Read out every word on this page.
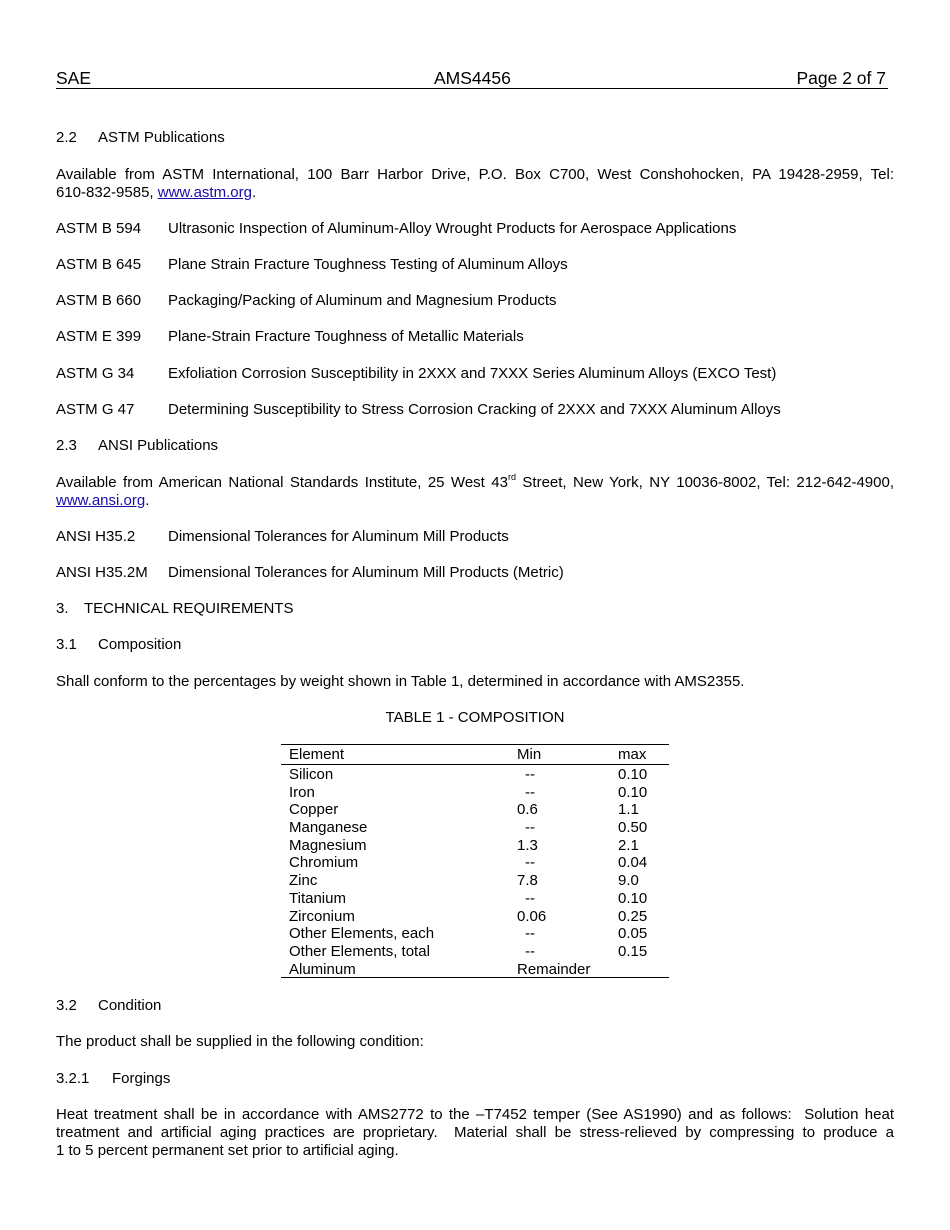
SAE	AMS4456	Page 2 of 7
2.2 ASTM Publications
Available from ASTM International, 100 Barr Harbor Drive, P.O. Box C700, West Conshohocken, PA 19428-2959, Tel:
610-832-9585, www.astm.org.
ASTM B 594 Ultrasonic Inspection of Aluminum-Alloy Wrought Products for Aerospace Applications
ASTM B 645 Plane Strain Fracture Toughness Testing of Aluminum Alloys
ASTM B 660 Packaging/Packing of Aluminum and Magnesium Products
ASTM E 399 Plane-Strain Fracture Toughness of Metallic Materials
ASTM G 34 Exfoliation Corrosion Susceptibility in 2XXX and 7XXX Series Aluminum Alloys (EXCO Test)
ASTM G 47 Determining Susceptibility to Stress Corrosion Cracking of 2XXX and 7XXX Aluminum Alloys
2.3 ANSI Publications
Available from American National Standards Institute, 25 West 43rd Street, New York, NY 10036-8002, Tel: 212-642-4900,
www.ansi.org.
ANSI H35.2 Dimensional Tolerances for Aluminum Mill Products
ANSI H35.2M Dimensional Tolerances for Aluminum Mill Products (Metric)
3. TECHNICAL REQUIREMENTS
3.1 Composition
Shall conform to the percentages by weight shown in Table 1, determined in accordance with AMS2355.
TABLE 1 - COMPOSITION
Element	Min	max
Silicon	--	0.10
Iron	--	0.10
Copper	0.6	1.1
Manganese	--	0.50
Magnesium	1.3	2.1
Chromium	--	0.04
Zinc	7.8	9.0
Titanium	--	0.10
Zirconium	0.06	0.25
Other Elements, each	--	0.05
Other Elements, total	--	0.15
Aluminum	Remainder
3.2 Condition
The product shall be supplied in the following condition:
3.2.1 Forgings
Heat treatment shall be in accordance with AMS2772 to the –T7452 temper (See AS1990) and as follows:  Solution heat
treatment and artificial aging practices are proprietary.  Material shall be stress-relieved by compressing to produce a
1 to 5 percent permanent set prior to artificial aging.
